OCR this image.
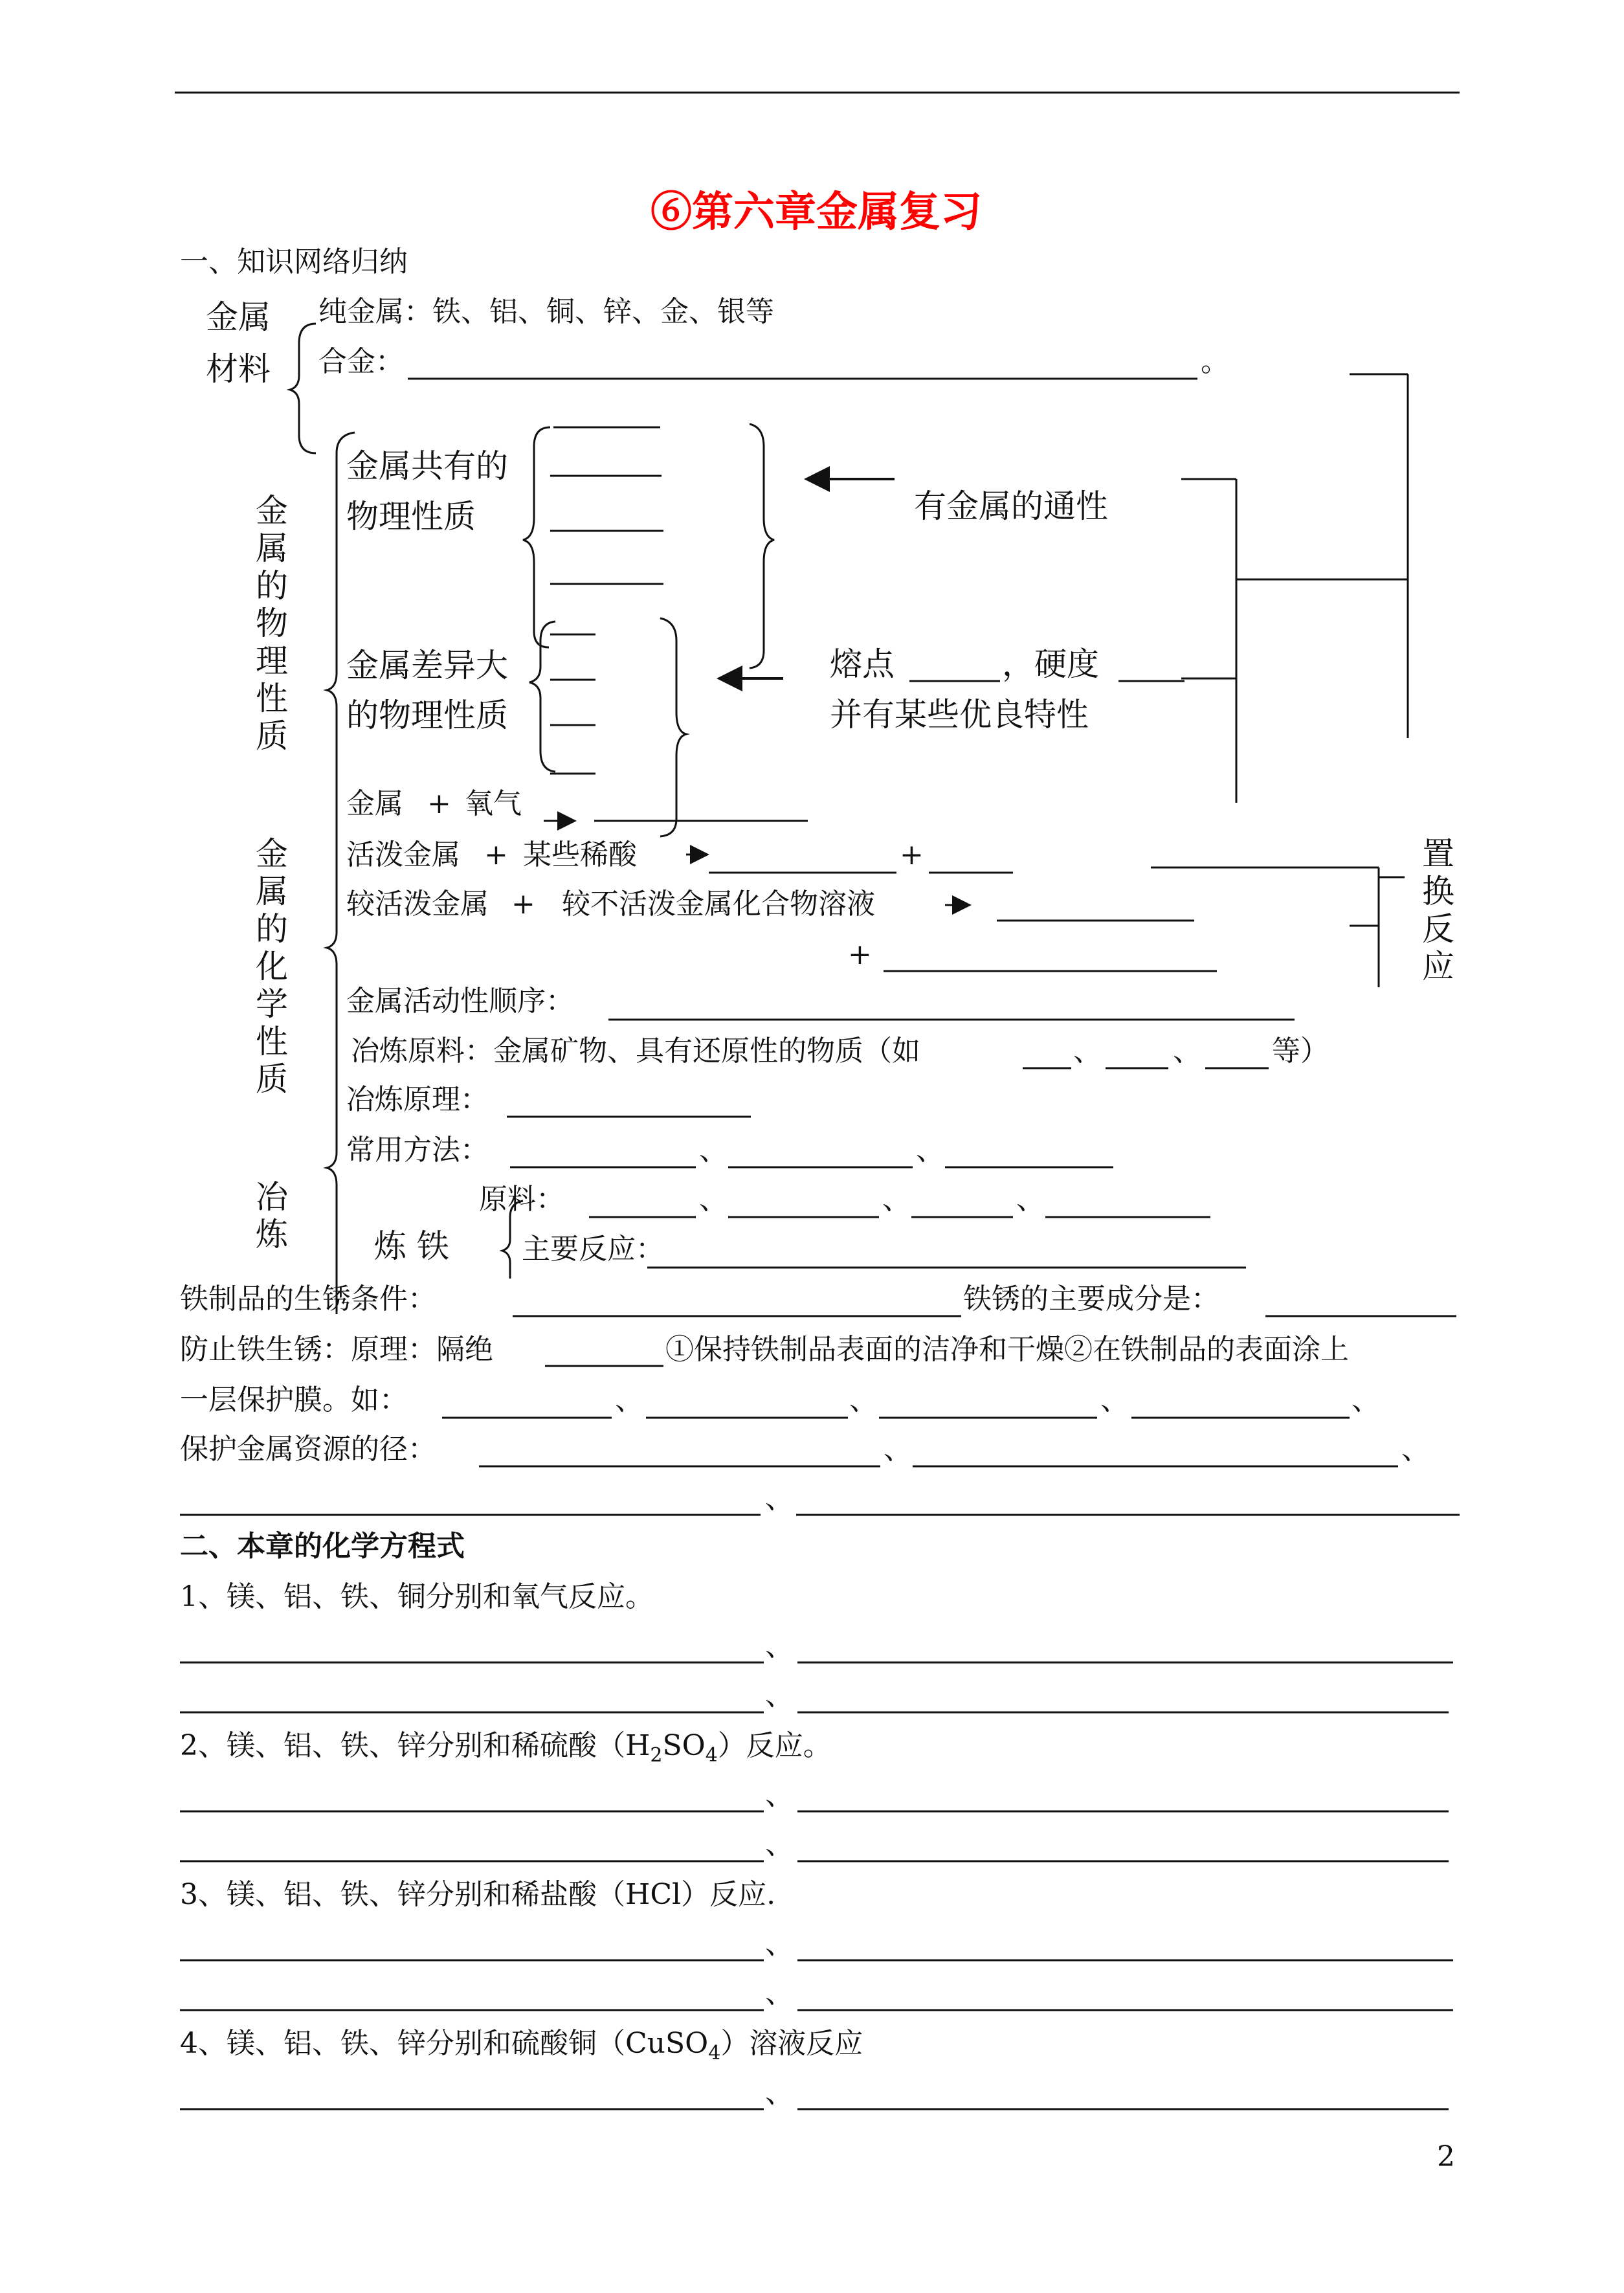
⑥第六章金属复习
一、知识网络归纳
金属
材料
纯金属：铁、铝、铜、锌、金、银等
合金：	。
金属的物理性质
金属共有的
物理性质
金属差异大
的物理性质
有金属的通性
熔点	，硬度
并有某些优良特性
金属的化学性质
金属 + 氧气
活泼金属 + 某些稀酸	+
较活泼金属 + 较不活泼金属化合物溶液
+
置换反应
金属活动性顺序：
冶炼原料：金属矿物、具有还原性的物质（如	、	、 等）
冶炼原理：
常用方法：	、	、
冶炼	炼 铁
原料：	、	、	、
主要反应：
铁制品的生锈条件：	铁锈的主要成分是：
防止铁生锈：原理：隔绝	①保持铁制品表面的洁净和干燥②在铁制品的表面涂上
一层保护膜。如：	、	、	、	、
保护金属资源的径：	、	、
、
二、本章的化学方程式
1、镁、铝、铁、铜分别和氧气反应。
、
、
2、镁、铝、铁、锌分别和稀硫酸$(H_2SO_4)$反应。
、
、
3、镁、铝、铁、锌分别和稀盐酸（HCl）反应.
、
、
4、镁、铝、铁、锌分别和硫酸铜（CuSO$_4$）溶液反应
、
2
